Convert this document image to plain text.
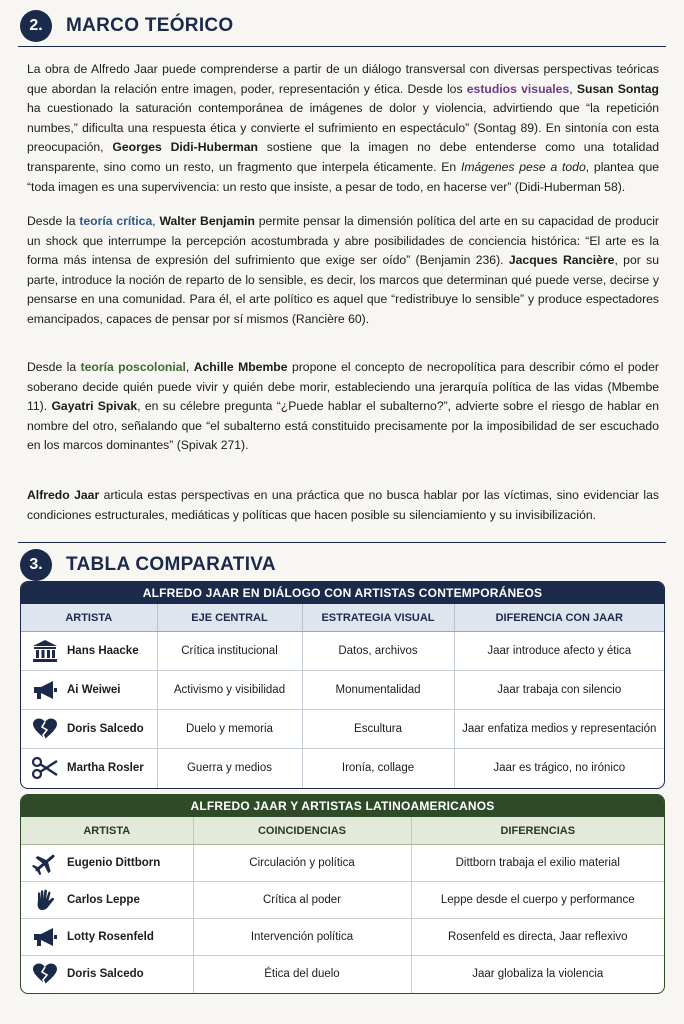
2.	MARCO TEÓRICO
La obra de Alfredo Jaar puede comprenderse a partir de un diálogo transversal con diversas perspectivas teóricas que abordan la relación entre imagen, poder, representación y ética. Desde los estudios visuales, Susan Sontag ha cuestionado la saturación contemporánea de imágenes de dolor y violencia, advirtiendo que “la repetición numbes,” dificulta una respuesta ética y convierte el sufrimiento en espectáculo” (Sontag 89). En sintonía con esta preocupación, Georges Didi-Huberman sostiene que la imagen no debe entenderse como una totalidad transparente, sino como un resto, un fragmento que interpela éticamente. En Imágenes pese a todo, plantea que “toda imagen es una supervivencia: un resto que insiste, a pesar de todo, en hacerse ver” (Didi-Huberman 58).
Desde la teoría crítica, Walter Benjamin permite pensar la dimensión política del arte en su capacidad de producir un shock que interrumpe la percepción acostumbrada y abre posibilidades de conciencia histórica: “El arte es la forma más intensa de expresión del sufrimiento que exige ser oído” (Benjamin 236). Jacques Rancière, por su parte, introduce la noción de reparto de lo sensible, es decir, los marcos que determinan qué puede verse, decirse y pensarse en una comunidad. Para él, el arte político es aquel que “redistribuye lo sensible” y produce espectadores emancipados, capaces de pensar por sí mismos (Rancière 60).
Desde la teoría poscolonial, Achille Mbembe propone el concepto de necropolítica para describir cómo el poder soberano decide quién puede vivir y quién debe morir, estableciendo una jerarquía política de las vidas (Mbembe 11). Gayatri Spivak, en su célebre pregunta “¿Puede hablar el subalterno?”, advierte sobre el riesgo de hablar en nombre del otro, señalando que “el subalterno está constituido precisamente por la imposibilidad de ser escuchado en los marcos dominantes” (Spivak 271).
Alfredo Jaar articula estas perspectivas en una práctica que no busca hablar por las víctimas, sino evidenciar las condiciones estructurales, mediáticas y políticas que hacen posible su silenciamiento y su invisibilización.
3.	TABLA COMPARATIVA
ALFREDO JAAR EN DIÁLOGO CON ARTISTAS CONTEMPORÁNEOS
ARTISTA	EJE CENTRAL	ESTRATEGIA VISUAL	DIFERENCIA CON JAAR

Hans Haacke	Crítica institucional	Datos, archivos	Jaar introduce afecto y ética

Ai Weiwei	Activismo y visibilidad	Monumentalidad	Jaar trabaja con silencio

Doris Salcedo	Duelo y memoria	Escultura	Jaar enfatiza medios y representación

Martha Rosler	Guerra y medios	Ironía, collage	Jaar es trágico, no irónico
ALFREDO JAAR Y ARTISTAS LATINOAMERICANOS
ARTISTA	COINCIDENCIAS	DIFERENCIAS

Eugenio Dittborn	Circulación y política	Dittborn trabaja el exilio material

Carlos Leppe	Crítica al poder	Leppe desde el cuerpo y performance

Lotty Rosenfeld	Intervención política	Rosenfeld es directa, Jaar reflexivo

Doris Salcedo	Ética del duelo	Jaar globaliza la violencia
